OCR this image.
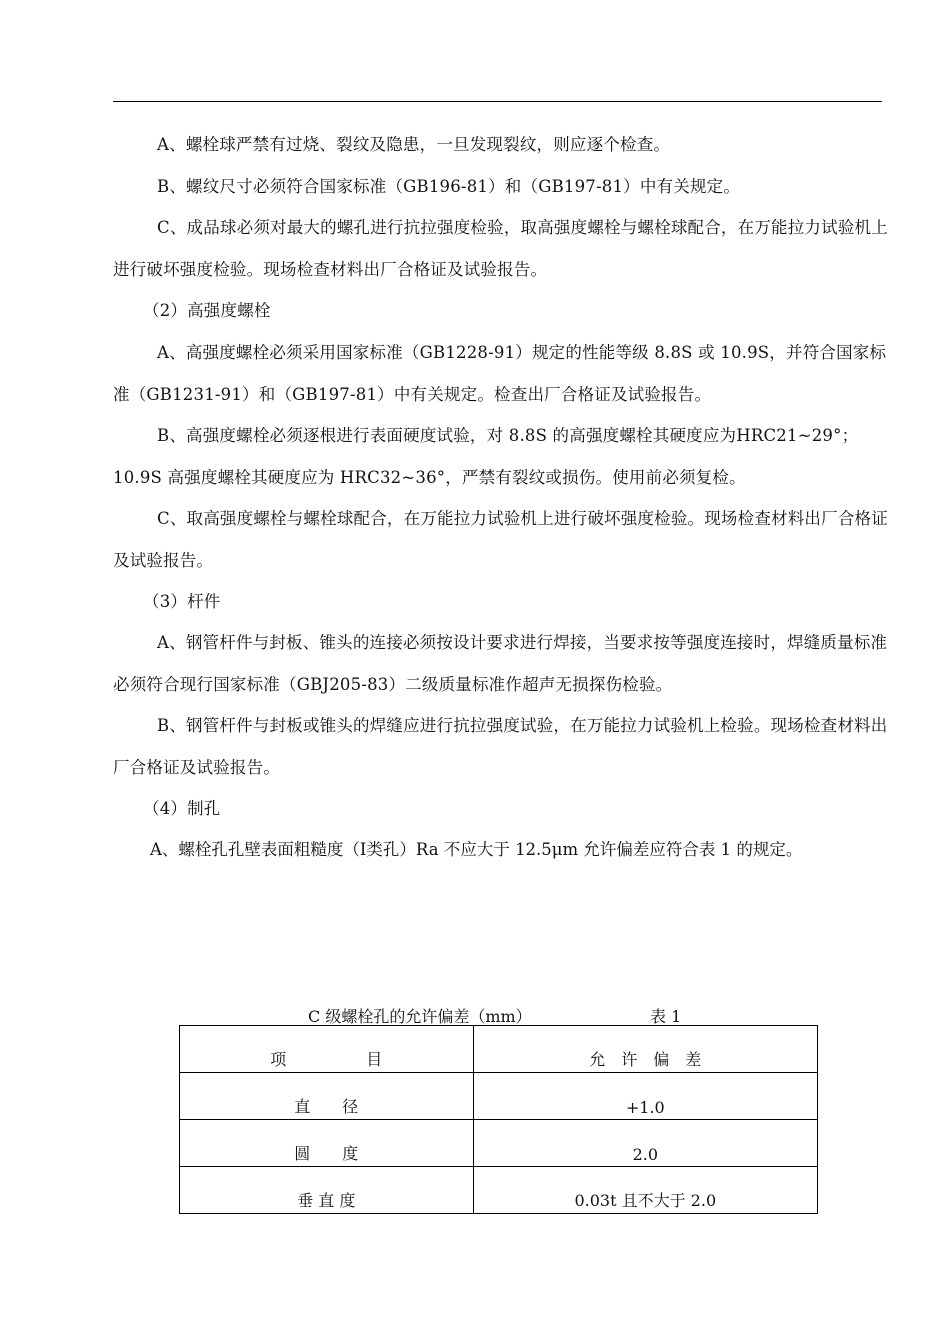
A、螺栓球严禁有过烧、裂纹及隐患，一旦发现裂纹，则应逐个检查。

B、螺纹尺寸必须符合国家标准（GB196-81）和（GB197-81）中有关规定。

C、成品球必须对最大的螺孔进行抗拉强度检验，取高强度螺栓与螺栓球配合，在万能拉力试验机上进行破坏强度检验。现场检查材料出厂合格证及试验报告。

（2）高强度螺栓

A、高强度螺栓必须采用国家标准（GB1228-91）规定的性能等级 8.8S 或 10.9S，并符合国家标准（GB1231-91）和（GB197-81）中有关规定。检查出厂合格证及试验报告。

B、高强度螺栓必须逐根进行表面硬度试验，对 8.8S 的高强度螺栓其硬度应为HRC21~29°；10.9S 高强度螺栓其硬度应为 HRC32~36°，严禁有裂纹或损伤。使用前必须复检。

C、取高强度螺栓与螺栓球配合，在万能拉力试验机上进行破坏强度检验。现场检查材料出厂合格证及试验报告。

（3）杆件

A、钢管杆件与封板、锥头的连接必须按设计要求进行焊接，当要求按等强度连接时，焊缝质量标准必须符合现行国家标准（GBJ205-83）二级质量标准作超声无损探伤检验。

B、钢管杆件与封板或锥头的焊缝应进行抗拉强度试验，在万能拉力试验机上检验。现场检查材料出厂合格证及试验报告。

（4）制孔

A、螺栓孔孔壁表面粗糙度（Ⅰ类孔）Ra 不应大于 12.5μm 允许偏差应符合表 1 的规定。
C 级螺栓孔的允许偏差（mm）	表 1
项　　　　　目	允　许　偏　差
直　　径	+1.0
圆　　度	2.0
垂 直 度	0.03t 且不大于 2.0
